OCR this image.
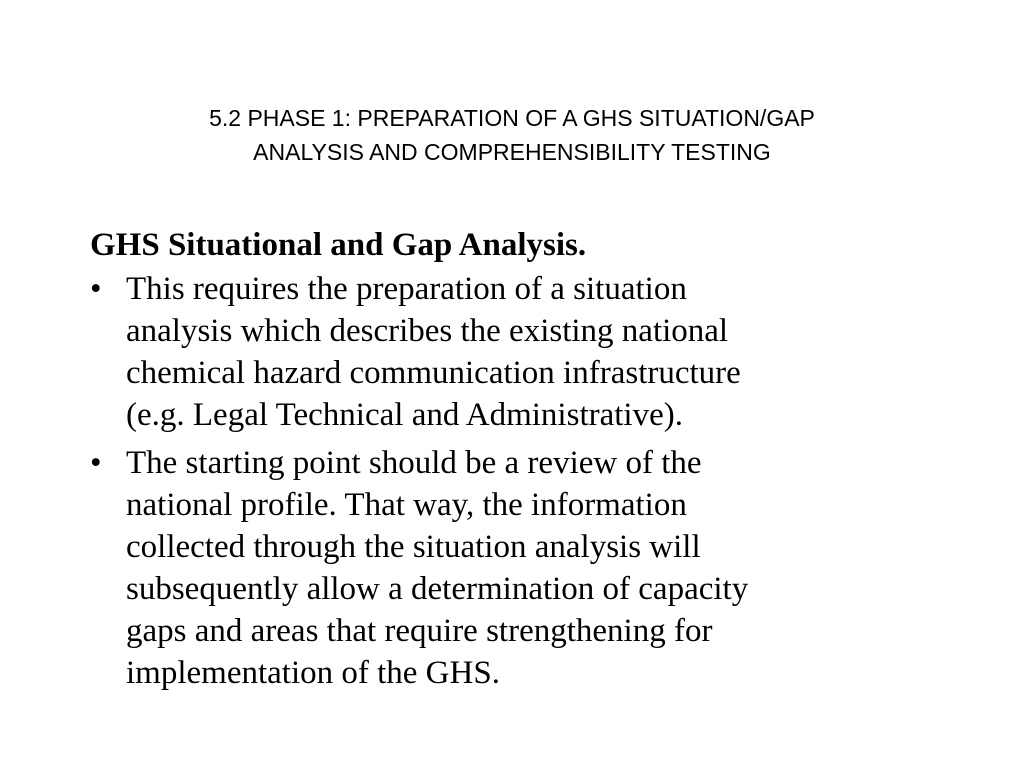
5.2 PHASE 1: PREPARATION OF A GHS SITUATION/GAP
ANALYSIS AND COMPREHENSIBILITY TESTING
GHS Situational and Gap Analysis.
• This requires the preparation of a situation
analysis which describes the existing national
chemical hazard communication infrastructure
(e.g. Legal Technical and Administrative).
• The starting point should be a review of the
national profile. That way, the information
collected through the situation analysis will
subsequently allow a determination of capacity
gaps and areas that require strengthening for
implementation of the GHS.
